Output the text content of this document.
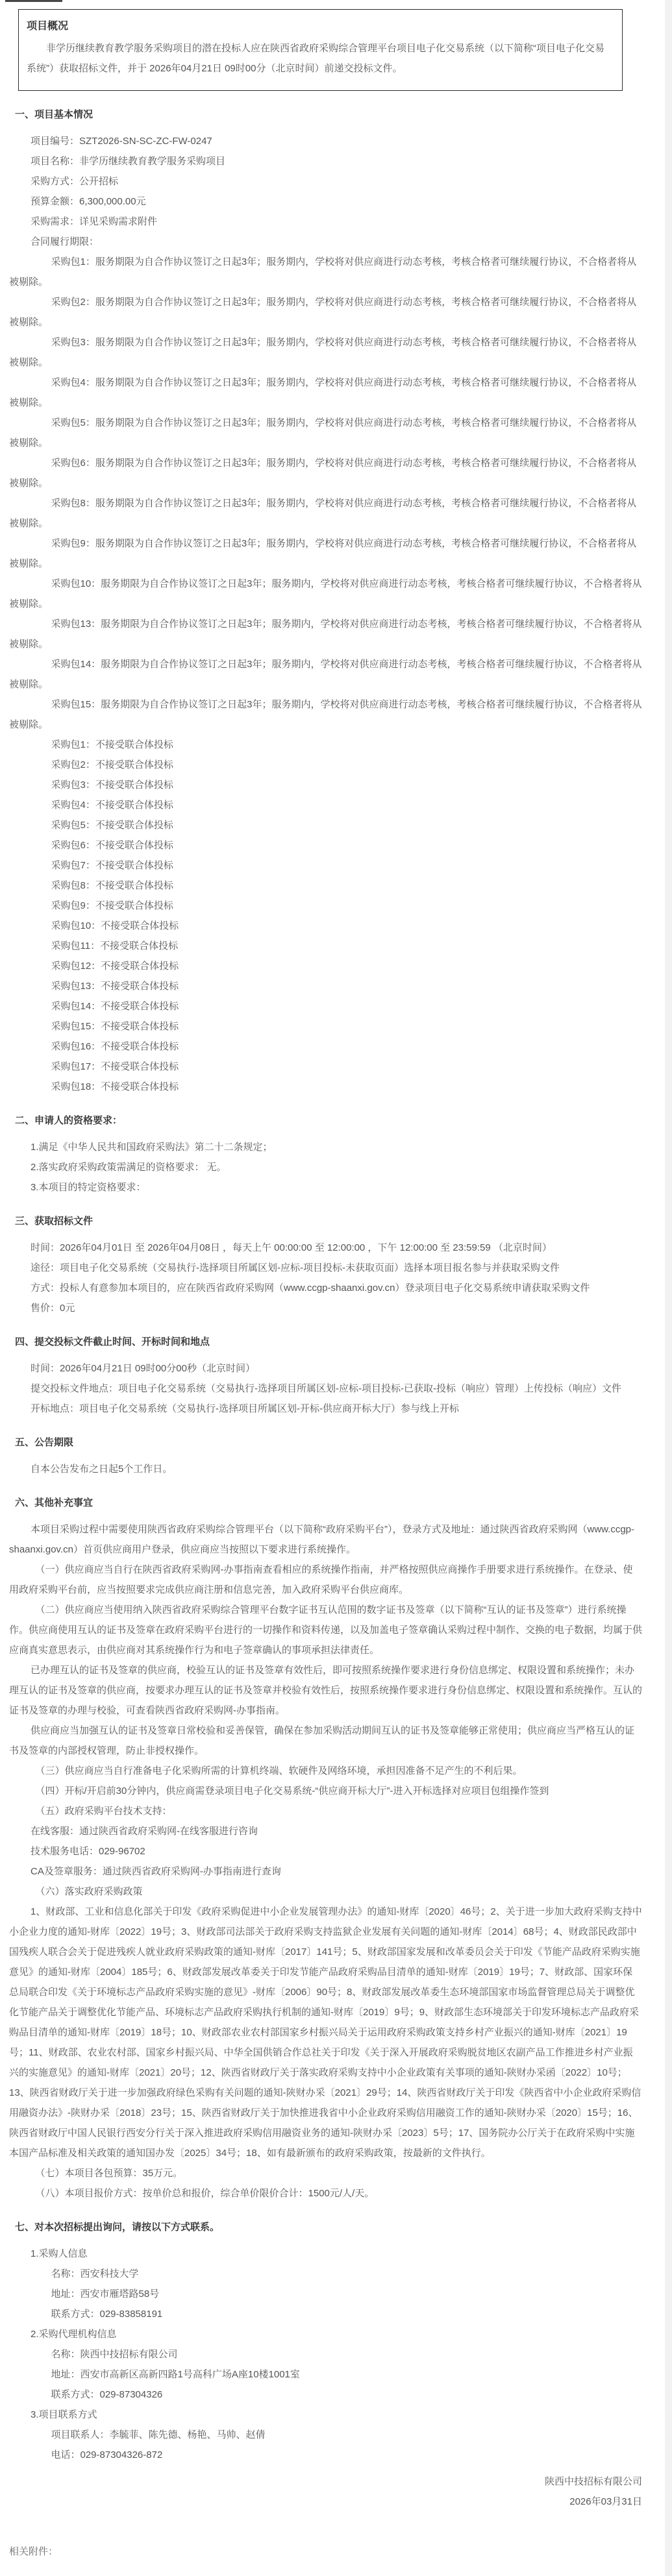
项目概况

非学历继续教育教学服务采购项目的潜在投标人应在陕西省政府采购综合管理平台项目电子化交易系统（以下简称“项目电子化交易系统”）获取招标文件，并于 2026年04月21日 09时00分（北京时间）前递交投标文件。

一、项目基本情况

项目编号：SZT2026-SN-SC-ZC-FW-0247

项目名称：非学历继续教育教学服务采购项目

采购方式：公开招标

预算金额：6,300,000.00元

采购需求：详见采购需求附件

合同履行期限：

采购包1：服务期限为自合作协议签订之日起3年；服务期内，学校将对供应商进行动态考核，考核合格者可继续履行协议，不合格者将从被剔除。

采购包2：服务期限为自合作协议签订之日起3年；服务期内，学校将对供应商进行动态考核，考核合格者可继续履行协议，不合格者将从被剔除。

采购包3：服务期限为自合作协议签订之日起3年；服务期内，学校将对供应商进行动态考核，考核合格者可继续履行协议，不合格者将从被剔除。

采购包4：服务期限为自合作协议签订之日起3年；服务期内，学校将对供应商进行动态考核，考核合格者可继续履行协议，不合格者将从被剔除。

采购包5：服务期限为自合作协议签订之日起3年；服务期内，学校将对供应商进行动态考核，考核合格者可继续履行协议，不合格者将从被剔除。

采购包6：服务期限为自合作协议签订之日起3年；服务期内，学校将对供应商进行动态考核，考核合格者可继续履行协议，不合格者将从被剔除。

采购包8：服务期限为自合作协议签订之日起3年；服务期内，学校将对供应商进行动态考核，考核合格者可继续履行协议，不合格者将从被剔除。

采购包9：服务期限为自合作协议签订之日起3年；服务期内，学校将对供应商进行动态考核，考核合格者可继续履行协议，不合格者将从被剔除。

采购包10：服务期限为自合作协议签订之日起3年；服务期内，学校将对供应商进行动态考核，考核合格者可继续履行协议，不合格者将从被剔除。

采购包13：服务期限为自合作协议签订之日起3年；服务期内，学校将对供应商进行动态考核，考核合格者可继续履行协议，不合格者将从被剔除。

采购包14：服务期限为自合作协议签订之日起3年；服务期内，学校将对供应商进行动态考核，考核合格者可继续履行协议，不合格者将从被剔除。

采购包15：服务期限为自合作协议签订之日起3年；服务期内，学校将对供应商进行动态考核，考核合格者可继续履行协议，不合格者将从被剔除。

采购包1：不接受联合体投标

采购包2：不接受联合体投标

采购包3：不接受联合体投标

采购包4：不接受联合体投标

采购包5：不接受联合体投标

采购包6：不接受联合体投标

采购包7：不接受联合体投标

采购包8：不接受联合体投标

采购包9：不接受联合体投标

采购包10：不接受联合体投标

采购包11：不接受联合体投标

采购包12：不接受联合体投标

采购包13：不接受联合体投标

采购包14：不接受联合体投标

采购包15：不接受联合体投标

采购包16：不接受联合体投标

采购包17：不接受联合体投标

采购包18：不接受联合体投标

二、申请人的资格要求：

1.满足《中华人民共和国政府采购法》第二十二条规定；

2.落实政府采购政策需满足的资格要求： 无。

3.本项目的特定资格要求：

三、获取招标文件

时间：2026年04月01日 至 2026年04月08日 ，每天上午 00:00:00 至 12:00:00 ，下午 12:00:00 至 23:59:59 （北京时间）

途径：项目电子化交易系统（交易执行-选择项目所属区划-应标-项目投标-未获取页面）选择本项目报名参与并获取采购文件

方式：投标人有意参加本项目的，应在陕西省政府采购网（www.ccgp-shaanxi.gov.cn）登录项目电子化交易系统申请获取采购文件

售价：0元

四、提交投标文件截止时间、开标时间和地点

时间：2026年04月21日 09时00分00秒（北京时间）

提交投标文件地点：项目电子化交易系统（交易执行-选择项目所属区划-应标-项目投标-已获取-投标（响应）管理）上传投标（响应）文件

开标地点：项目电子化交易系统（交易执行-选择项目所属区划-开标-供应商开标大厅）参与线上开标

五、公告期限

自本公告发布之日起5个工作日。

六、其他补充事宜

本项目采购过程中需要使用陕西省政府采购综合管理平台（以下简称“政府采购平台”），登录方式及地址：通过陕西省政府采购网（www.ccgp-shaanxi.gov.cn）首页供应商用户登录，供应商应当按照以下要求进行系统操作。

（一）供应商应当自行在陕西省政府采购网-办事指南查看相应的系统操作指南，并严格按照供应商操作手册要求进行系统操作。在登录、使用政府采购平台前，应当按照要求完成供应商注册和信息完善，加入政府采购平台供应商库。

（二）供应商应当使用纳入陕西省政府采购综合管理平台数字证书互认范围的数字证书及签章（以下简称“互认的证书及签章”）进行系统操作。供应商使用互认的证书及签章在政府采购平台进行的一切操作和资料传递，以及加盖电子签章确认采购过程中制作、交换的电子数据，均属于供应商真实意思表示，由供应商对其系统操作行为和电子签章确认的事项承担法律责任。

已办理互认的证书及签章的供应商，校验互认的证书及签章有效性后，即可按照系统操作要求进行身份信息绑定、权限设置和系统操作；未办理互认的证书及签章的供应商，按要求办理互认的证书及签章并校验有效性后，按照系统操作要求进行身份信息绑定、权限设置和系统操作。互认的证书及签章的办理与校验，可查看陕西省政府采购网-办事指南。

供应商应当加强互认的证书及签章日常校验和妥善保管，确保在参加采购活动期间互认的证书及签章能够正常使用；供应商应当严格互认的证书及签章的内部授权管理，防止非授权操作。

（三）供应商应当自行准备电子化采购所需的计算机终端、软硬件及网络环境，承担因准备不足产生的不利后果。

（四）开标/开启前30分钟内，供应商需登录项目电子化交易系统-“供应商开标大厅”-进入开标选择对应项目包组操作签到

（五）政府采购平台技术支持：

在线客服：通过陕西省政府采购网-在线客服进行咨询

技术服务电话：029-96702

CA及签章服务：通过陕西省政府采购网-办事指南进行查询

（六）落实政府采购政策

1、财政部、工业和信息化部关于印发《政府采购促进中小企业发展管理办法》的通知-财库〔2020〕46号；2、关于进一步加大政府采购支持中小企业力度的通知-财库〔2022〕19号；3、财政部司法部关于政府采购支持监狱企业发展有关问题的通知-财库〔2014〕68号；4、财政部民政部中国残疾人联合会关于促进残疾人就业政府采购政策的通知-财库〔2017〕141号；5、财政部国家发展和改革委员会关于印发《节能产品政府采购实施意见》的通知-财库〔2004〕185号；6、财政部发展改革委关于印发节能产品政府采购品目清单的通知-财库〔2019〕19号；7、财政部、国家环保总局联合印发《关于环境标志产品政府采购实施的意见》-财库〔2006〕90号；8、财政部发展改革委生态环境部国家市场监督管理总局关于调整优化节能产品关于调整优化节能产品、环境标志产品政府采购执行机制的通知-财库〔2019〕9号；9、财政部生态环境部关于印发环境标志产品政府采购品目清单的通知-财库〔2019〕18号；10、财政部农业农村部国家乡村振兴局关于运用政府采购政策支持乡村产业振兴的通知-财库〔2021〕19号；11、财政部、农业农村部、国家乡村振兴局、中华全国供销合作总社关于印发《关于深入开展政府采购脱贫地区农副产品工作推进乡村产业振兴的实施意见》的通知-财库〔2021〕20号；12、陕西省财政厅关于落实政府采购支持中小企业政策有关事项的通知-陕财办采函〔2022〕10号；13、陕西省财政厅关于进一步加强政府绿色采购有关问题的通知-陕财办采〔2021〕29号；14、陕西省财政厅关于印发《陕西省中小企业政府采购信用融资办法》-陕财办采〔2018〕23号；15、陕西省财政厅关于加快推进我省中小企业政府采购信用融资工作的通知-陕财办采〔2020〕15号；16、陕西省财政厅中国人民银行西安分行关于深入推进政府采购信用融资业务的通知-陕财办采〔2023〕5号；17、国务院办公厅关于在政府采购中实施本国产品标准及相关政策的通知国办发〔2025〕34号；18、如有最新颁布的政府采购政策，按最新的文件执行。

（七）本项目各包预算：35万元。

（八）本项目报价方式：按单价总和报价，综合单价限价合计：1500元/人/天。

七、对本次招标提出询问，请按以下方式联系。

1.采购人信息

名称：西安科技大学

地址：西安市雁塔路58号

联系方式：029-83858191

2.采购代理机构信息

名称：陕西中技招标有限公司

地址：西安市高新区高新四路1号高科广场A座10楼1001室

联系方式：029-87304326

3.项目联系方式

项目联系人：李毓菲、陈先德、杨艳、马帅、赵倩

电话：029-87304326-872

陕西中技招标有限公司

2026年03月31日

相关附件：
